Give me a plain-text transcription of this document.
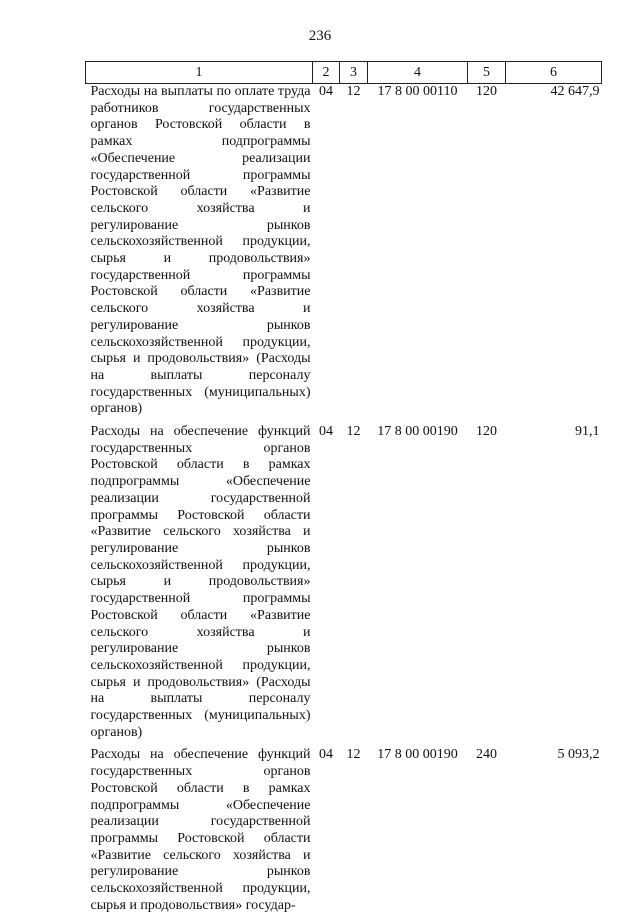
236
1	2	3	4	5	6
Расходы на выплаты по оплате труда работников государственных органов Ростовской области в рамках подпрограммы «Обеспечение реализации государственной программы Ростовской области «Развитие сельского хозяйства и регулирование рынков сельскохозяйственной продукции, сырья и продовольствия» государственной программы Ростовской области «Развитие сельского хозяйства и регулирование рынков сельскохозяйственной продукции, сырья и продовольствия» (Расходы на выплаты персоналу государственных (муниципальных) органов)	04	12	17 8 00 00110	120	42 647,9
Расходы на обеспечение функций государственных органов Ростовской области в рамках подпрограммы «Обеспечение реализации государственной программы Ростовской области «Развитие сельского хозяйства и регулирование рынков сельскохозяйственной продукции, сырья и продовольствия» государственной программы Ростовской области «Развитие сельского хозяйства и регулирование рынков сельскохозяйственной продукции, сырья и продовольствия» (Расходы на выплаты персоналу государственных (муниципальных) органов)	04	12	17 8 00 00190	120	91,1
Расходы на обеспечение функций государственных органов Ростовской области в рамках подпрограммы «Обеспечение реализации государственной программы Ростовской области «Развитие сельского хозяйства и регулирование рынков сельскохозяйственной продукции, сырья и продовольствия» государ-	04	12	17 8 00 00190	240	5 093,2
